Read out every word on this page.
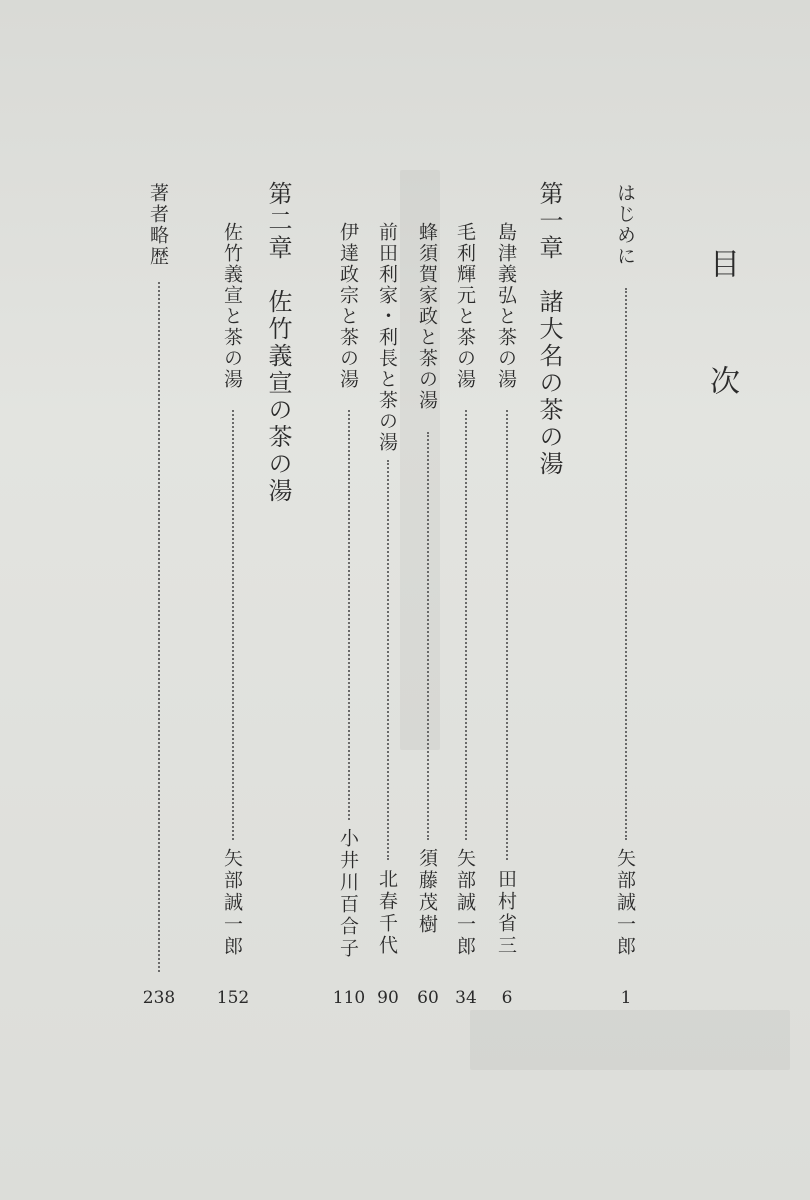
目 次
はじめに
矢部誠一郎
1
第一章　諸大名の茶の湯
島津義弘と茶の湯
田村省三
6
毛利輝元と茶の湯
矢部誠一郎
34
蜂須賀家政と茶の湯
須藤茂樹
60
前田利家・利長と茶の湯
北春千代
90
伊達政宗と茶の湯
小井川百合子
110
第二章　佐竹義宣の茶の湯
佐竹義宣と茶の湯
矢部誠一郎
152
著者略歴
238
